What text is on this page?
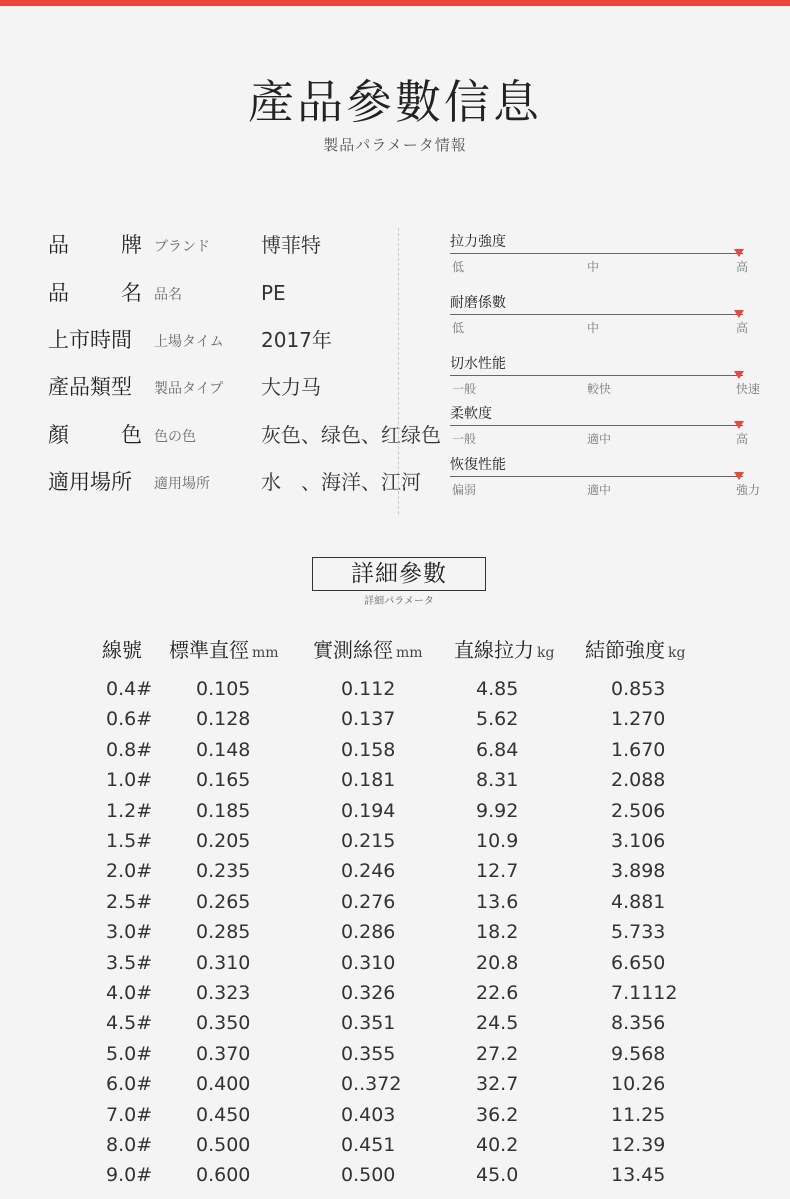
產品參數信息
製品パラメータ情報
品 牌 ブランド	博菲特
品 名 品名	PE
上 市 時 間 上場タイム 2017年
產 品 類 型 製品タイプ 大力马
顏 色 色の色	灰色、绿色、红绿色
適 用 場 所 適用場所	水　、海洋、江河
拉力強度
低	中	高
耐磨係數
低	中	高
切水性能
一般	較快	快速
柔軟度
一般	適中	高
恢復性能
偏弱	適中	強力
詳細參數
詳細パラメータ
線號 標準直徑 mm 實測絲徑 mm 直線拉力 kg 結節強度 kg
0.4# 0.105	0.112	4.85	0.853
0.6# 0.128	0.137	5.62	1.270
0.8# 0.148	0.158	6.84	1.670
1.0# 0.165	0.181	8.31	2.088
1.2# 0.185	0.194	9.92	2.506
1.5# 0.205	0.215	10.9	3.106
2.0# 0.235	0.246	12.7	3.898
2.5# 0.265	0.276	13.6	4.881
3.0# 0.285	0.286	18.2	5.733
3.5# 0.310	0.310	20.8	6.650
4.0# 0.323	0.326	22.6	7.1112
4.5# 0.350	0.351	24.5	8.356
5.0# 0.370	0.355	27.2	9.568
6.0# 0.400	0..372	32.7	10.26
7.0# 0.450	0.403	36.2	11.25
8.0# 0.500	0.451	40.2	12.39
9.0# 0.600	0.500	45.0	13.45
